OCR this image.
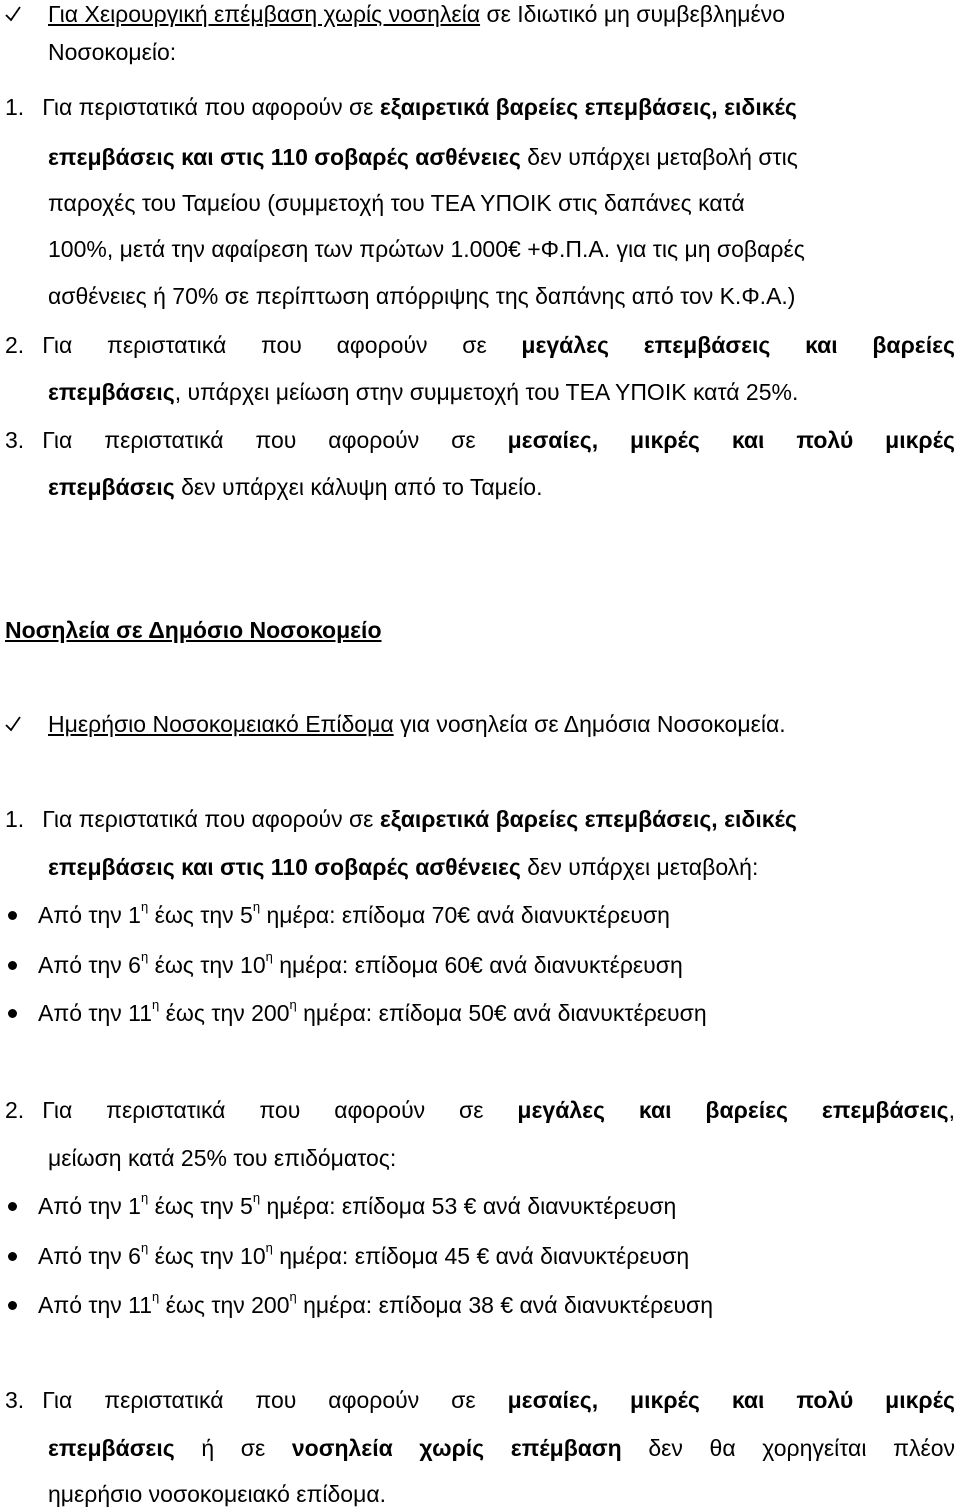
Για Χειρουργική επέμβαση χωρίς νοσηλεία σε Ιδιωτικό μη συμβεβλημένο
Νοσοκομείο:
1. Για περιστατικά που αφορούν σε εξαιρετικά βαρείες επεμβάσεις, ειδικές
επεμβάσεις και στις 110 σοβαρές ασθένειες δεν υπάρχει μεταβολή στις
παροχές του Ταμείου (συμμετοχή του ΤΕΑ ΥΠΟΙΚ στις δαπάνες κατά
100%, μετά την αφαίρεση των πρώτων 1.000€ +Φ.Π.Α. για τις μη σοβαρές
ασθένειες ή 70% σε περίπτωση απόρριψης της δαπάνης από τον Κ.Φ.Α.)
2. Για περιστατικά που αφορούν σε μεγάλες επεμβάσεις και βαρείες
επεμβάσεις, υπάρχει μείωση στην συμμετοχή του ΤΕΑ ΥΠΟΙΚ κατά 25%.
3. Για περιστατικά που αφορούν σε μεσαίες, μικρές και πολύ μικρές
επεμβάσεις δεν υπάρχει κάλυψη από το Ταμείο.
Νοσηλεία σε Δημόσιο Νοσοκομείο
Ημερήσιο Νοσοκομειακό Επίδομα για νοσηλεία σε Δημόσια Νοσοκομεία.
1. Για περιστατικά που αφορούν σε εξαιρετικά βαρείες επεμβάσεις, ειδικές
επεμβάσεις και στις 110 σοβαρές ασθένειες δεν υπάρχει μεταβολή:
Από την $1^\eta$ έως την $5^\eta$ ημέρα: επίδομα 70€ ανά διανυκτέρευση
Από την $6^\eta$ έως την $10^\eta$ ημέρα: επίδομα 60€ ανά διανυκτέρευση
Από την $11^\eta$ έως την $200^\eta$ ημέρα: επίδομα 50€ ανά διανυκτέρευση
2. Για περιστατικά που αφορούν σε μεγάλες και βαρείες επεμβάσεις,
μείωση κατά 25% του επιδόματος:
Από την $1^\eta$ έως την $5^\eta$ ημέρα: επίδομα 53 € ανά διανυκτέρευση
Από την $6^\eta$ έως την $10^\eta$ ημέρα: επίδομα 45 € ανά διανυκτέρευση
Από την $11^\eta$ έως την $200^\eta$ ημέρα: επίδομα 38 € ανά διανυκτέρευση
3. Για περιστατικά που αφορούν σε μεσαίες, μικρές και πολύ μικρές
επεμβάσεις ή σε νοσηλεία χωρίς επέμβαση δεν θα χορηγείται πλέον
ημερήσιο νοσοκομειακό επίδομα.
